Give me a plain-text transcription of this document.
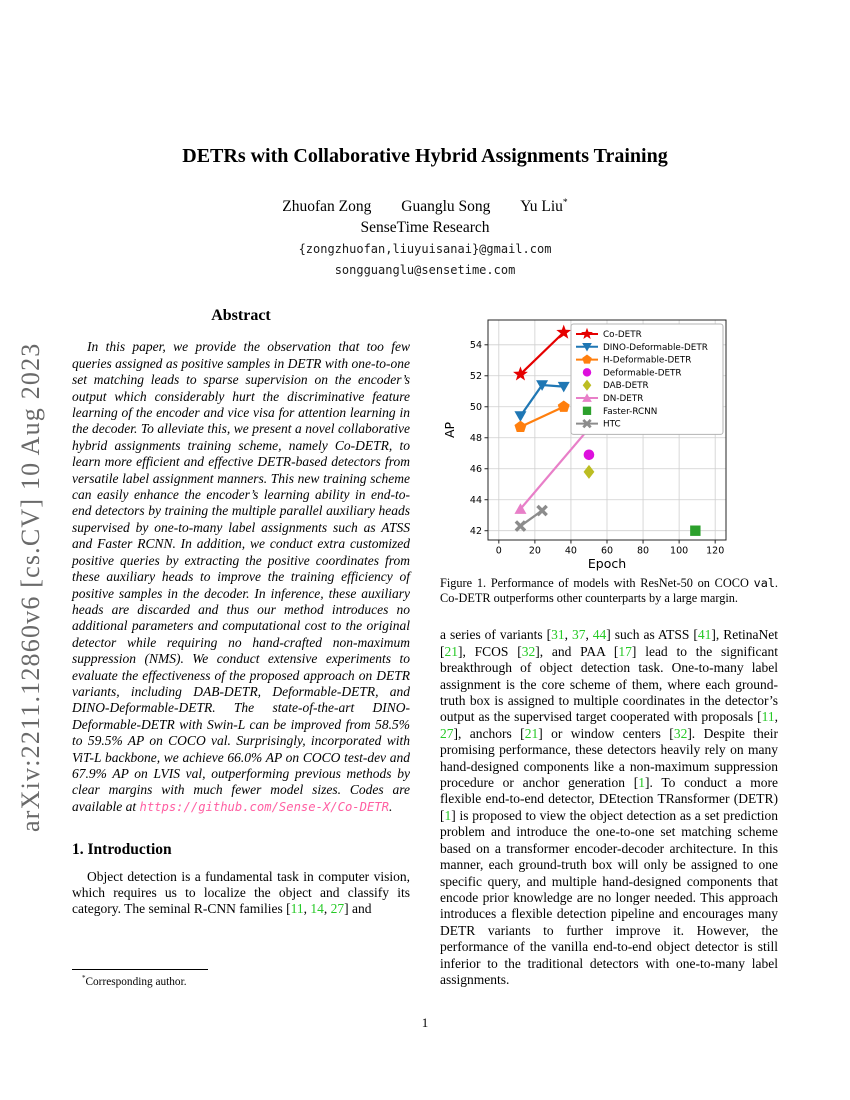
arXiv:2211.12860v6 [cs.CV] 10 Aug 2023
DETRs with Collaborative Hybrid Assignments Training
Zhuofan Zong Guanglu Song Yu Liu*
SenseTime Research
{zongzhuofan,liuyuisanai}@gmail.com
songguanglu@sensetime.com
Abstract

In this paper, we provide the observation that too few queries assigned as positive samples in DETR with one-to-one set matching leads to sparse supervision on the encoder’s output which considerably hurt the discriminative feature learning of the encoder and vice visa for attention learning in the decoder. To alleviate this, we present a novel collaborative hybrid assignments training scheme, namely Co-DETR, to learn more efficient and effective DETR-based detectors from versatile label assignment manners. This new training scheme can easily enhance the encoder’s learning ability in end-to-end detectors by training the multiple parallel auxiliary heads supervised by one-to-many label assignments such as ATSS and Faster RCNN. In addition, we conduct extra customized positive queries by extracting the positive coordinates from these auxiliary heads to improve the training efficiency of positive samples in the decoder. In inference, these auxiliary heads are discarded and thus our method introduces no additional parameters and computational cost to the original detector while requiring no hand-crafted non-maximum suppression (NMS). We conduct extensive experiments to evaluate the effectiveness of the proposed approach on DETR variants, including DAB-DETR, Deformable-DETR, and DINO-Deformable-DETR. The state-of-the-art DINO-Deformable-DETR with Swin-L can be improved from 58.5% to 59.5% AP on COCO val. Surprisingly, incorporated with ViT-L backbone, we achieve 66.0% AP on COCO test-dev and 67.9% AP on LVIS val, outperforming previous methods by clear margins with much fewer model sizes. Codes are available at https://github.com/Sense-X/Co-DETR.

1. Introduction

Object detection is a fundamental task in computer vision, which requires us to localize the object and classify its category. The seminal R-CNN families [11, 14, 27] and

0	20	40	60	80 100 120
42
44
46
48
50
52
54
Epoch
AP
Co-DETR
DINO-Deformable-DETR
H-Deformable-DETR
Deformable-DETR
DAB-DETR
DN-DETR
Faster-RCNN
HTC

Figure 1. Performance of models with ResNet-50 on COCO val. Co-DETR outperforms other counterparts by a large margin.

a series of variants [31, 37, 44] such as ATSS [41], RetinaNet [21], FCOS [32], and PAA [17] lead to the significant breakthrough of object detection task. One-to-many label assignment is the core scheme of them, where each ground-truth box is assigned to multiple coordinates in the detector’s output as the supervised target cooperated with proposals [11, 27], anchors [21] or window centers [32]. Despite their promising performance, these detectors heavily rely on many hand-designed components like a non-maximum suppression procedure or anchor generation [1]. To conduct a more flexible end-to-end detector, DEtection TRansformer (DETR) [1] is proposed to view the object detection as a set prediction problem and introduce the one-to-one set matching scheme based on a transformer encoder-decoder architecture. In this manner, each ground-truth box will only be assigned to one specific query, and multiple hand-designed components that encode prior knowledge are no longer needed. This approach introduces a flexible detection pipeline and encourages many DETR variants to further improve it. However, the performance of the vanilla end-to-end object detector is still inferior to the traditional detectors with one-to-many label assignments.

*Corresponding author.

1
